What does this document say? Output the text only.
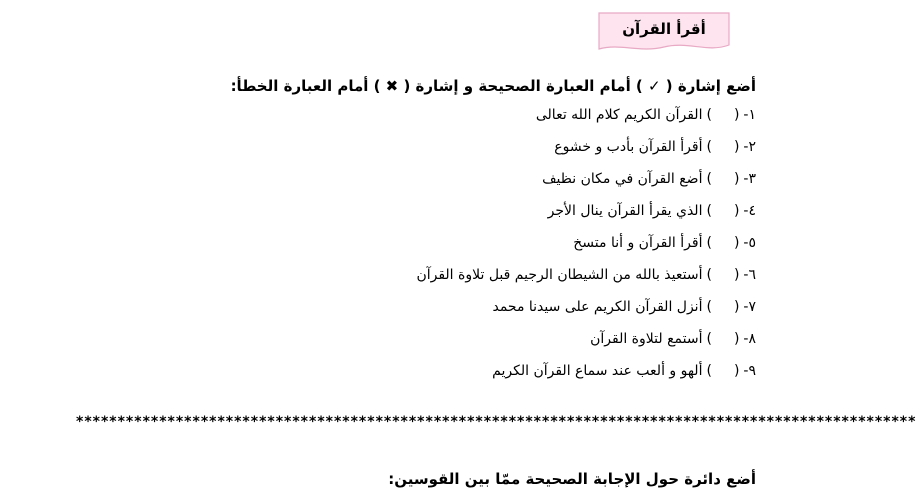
أقرأ القرآن
أضع إشارة ( ✓ ) أمام العبارة الصحيحة و إشارة ( ✖ ) أمام العبارة الخطأ:
١-()القرآن الكريم كلام الله تعالى
٢-()أقرأ القرآن بأدب و خشوع
٣-()أضع القرآن في مكان نظيف
٤-()الذي يقرأ القرآن ينال الأجر
٥-()أقرأ القرآن و أنا متسخ
٦-()أستعيذ بالله من الشيطان الرجيم قبل تلاوة القرآن
٧-()أنزل القرآن الكريم على سيدنا محمد
٨-()أستمع لتلاوة القرآن
٩-()ألهو و ألعب عند سماع القرآن الكريم
*****************************************************************************************************
أضع دائرة حول الإجابة الصحيحة ممّا بين القوسين:
